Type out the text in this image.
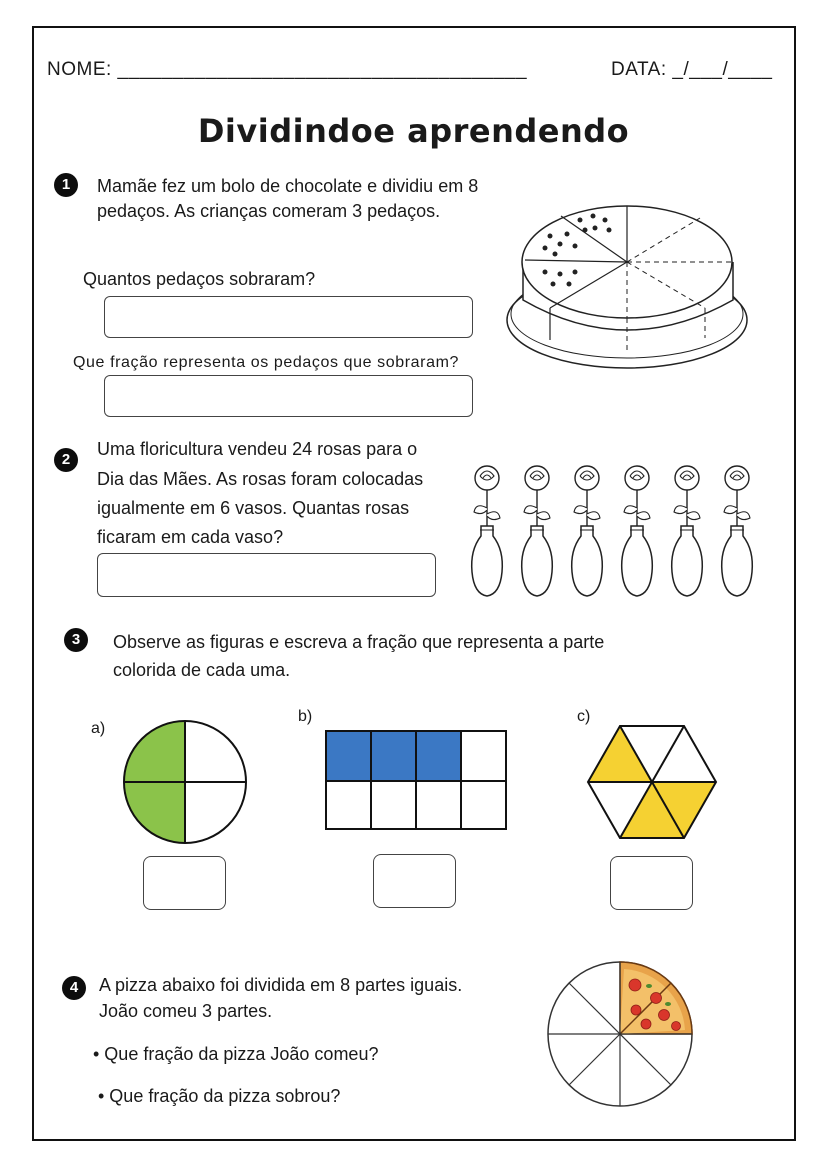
NOME: _____________________________________	DATA: _/___/____
Dividindoe aprendendo
1	Mamãe fez um bolo de chocolate e dividiu em 8
pedaços. As crianças comeram 3 pedaços.
Quantos pedaços sobraram?
Que fração representa os pedaços que sobraram?
2
Uma floricultura vendeu 24 rosas para o
Dia das Mães. As rosas foram colocadas
igualmente em 6 vasos. Quantas rosas
ficaram em cada vaso?
3	Observe as figuras e escreva a fração que representa a parte
colorida de cada uma.
a)
b)	c)
4	A pizza abaixo foi dividida em 8 partes iguais.
João comeu 3 partes.
• Que fração da pizza João comeu?
• Que fração da pizza sobrou?
